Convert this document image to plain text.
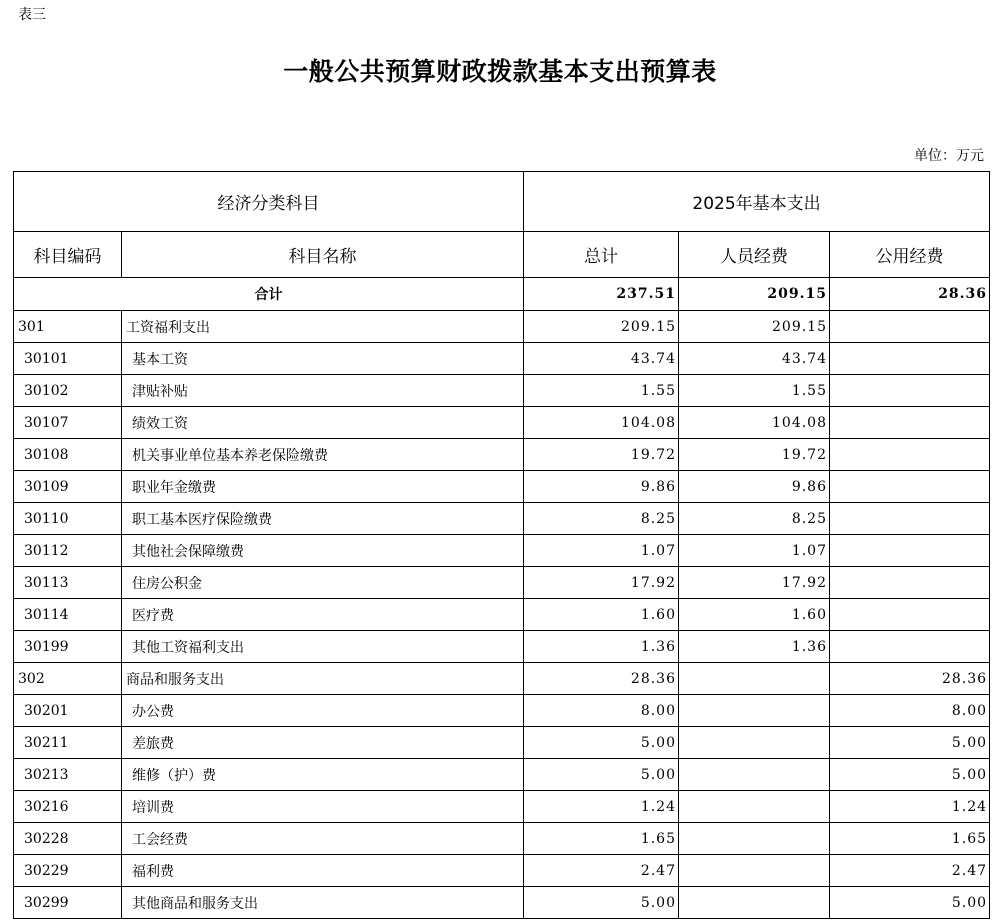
表三
一般公共预算财政拨款基本支出预算表
单位：万元
经济分类科目		2025年基本支出		
科目编码	科目名称	总计	人员经费	公用经费
合计		237.51	209.15	28.36
301	工资福利支出	209.15	209.15	
30101	基本工资	43.74	43.74	
30102	津贴补贴	1.55	1.55	
30107	绩效工资	104.08	104.08	
30108	机关事业单位基本养老保险缴费	19.72	19.72	
30109	职业年金缴费	9.86	9.86	
30110	职工基本医疗保险缴费	8.25	8.25	
30112	其他社会保障缴费	1.07	1.07	
30113	住房公积金	17.92	17.92	
30114	医疗费	1.60	1.60	
30199	其他工资福利支出	1.36	1.36	
302	商品和服务支出	28.36		28.36
30201	办公费	8.00		8.00
30211	差旅费	5.00		5.00
30213	维修（护）费	5.00		5.00
30216	培训费	1.24		1.24
30228	工会经费	1.65		1.65
30229	福利费	2.47		2.47
30299	其他商品和服务支出	5.00		5.00
